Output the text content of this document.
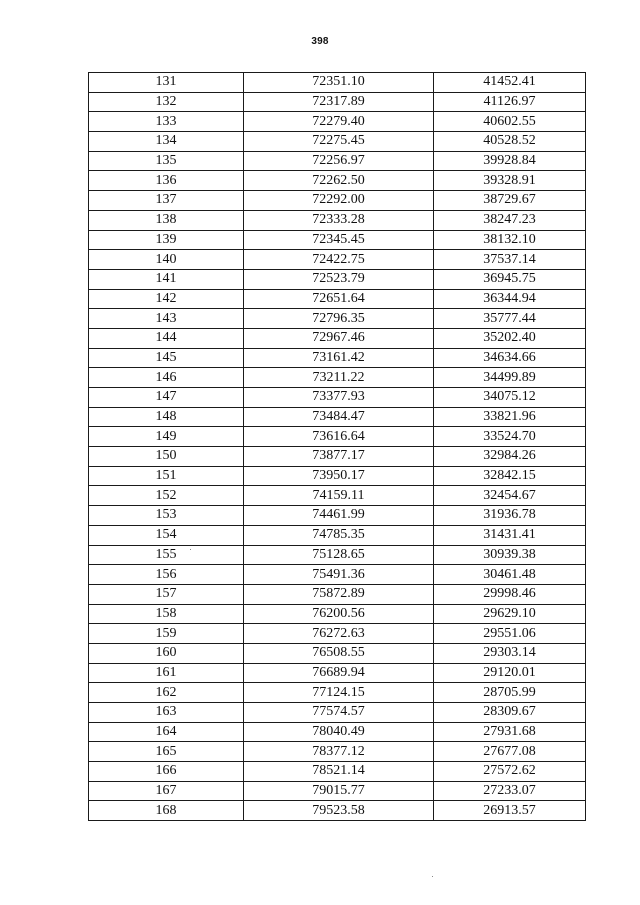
398
131	72351.10	41452.41
132	72317.89	41126.97
133	72279.40	40602.55
134	72275.45	40528.52
135	72256.97	39928.84
136	72262.50	39328.91
137	72292.00	38729.67
138	72333.28	38247.23
139	72345.45	38132.10
140	72422.75	37537.14
141	72523.79	36945.75
142	72651.64	36344.94
143	72796.35	35777.44
144	72967.46	35202.40
145	73161.42	34634.66
146	73211.22	34499.89
147	73377.93	34075.12
148	73484.47	33821.96
149	73616.64	33524.70
150	73877.17	32984.26
151	73950.17	32842.15
152	74159.11	32454.67
153	74461.99	31936.78
154	74785.35	31431.41
155	75128.65	30939.38
156	75491.36	30461.48
157	75872.89	29998.46
158	76200.56	29629.10
159	76272.63	29551.06
160	76508.55	29303.14
161	76689.94	29120.01
162	77124.15	28705.99
163	77574.57	28309.67
164	78040.49	27931.68
165	78377.12	27677.08
166	78521.14	27572.62
167	79015.77	27233.07
168	79523.58	26913.57
